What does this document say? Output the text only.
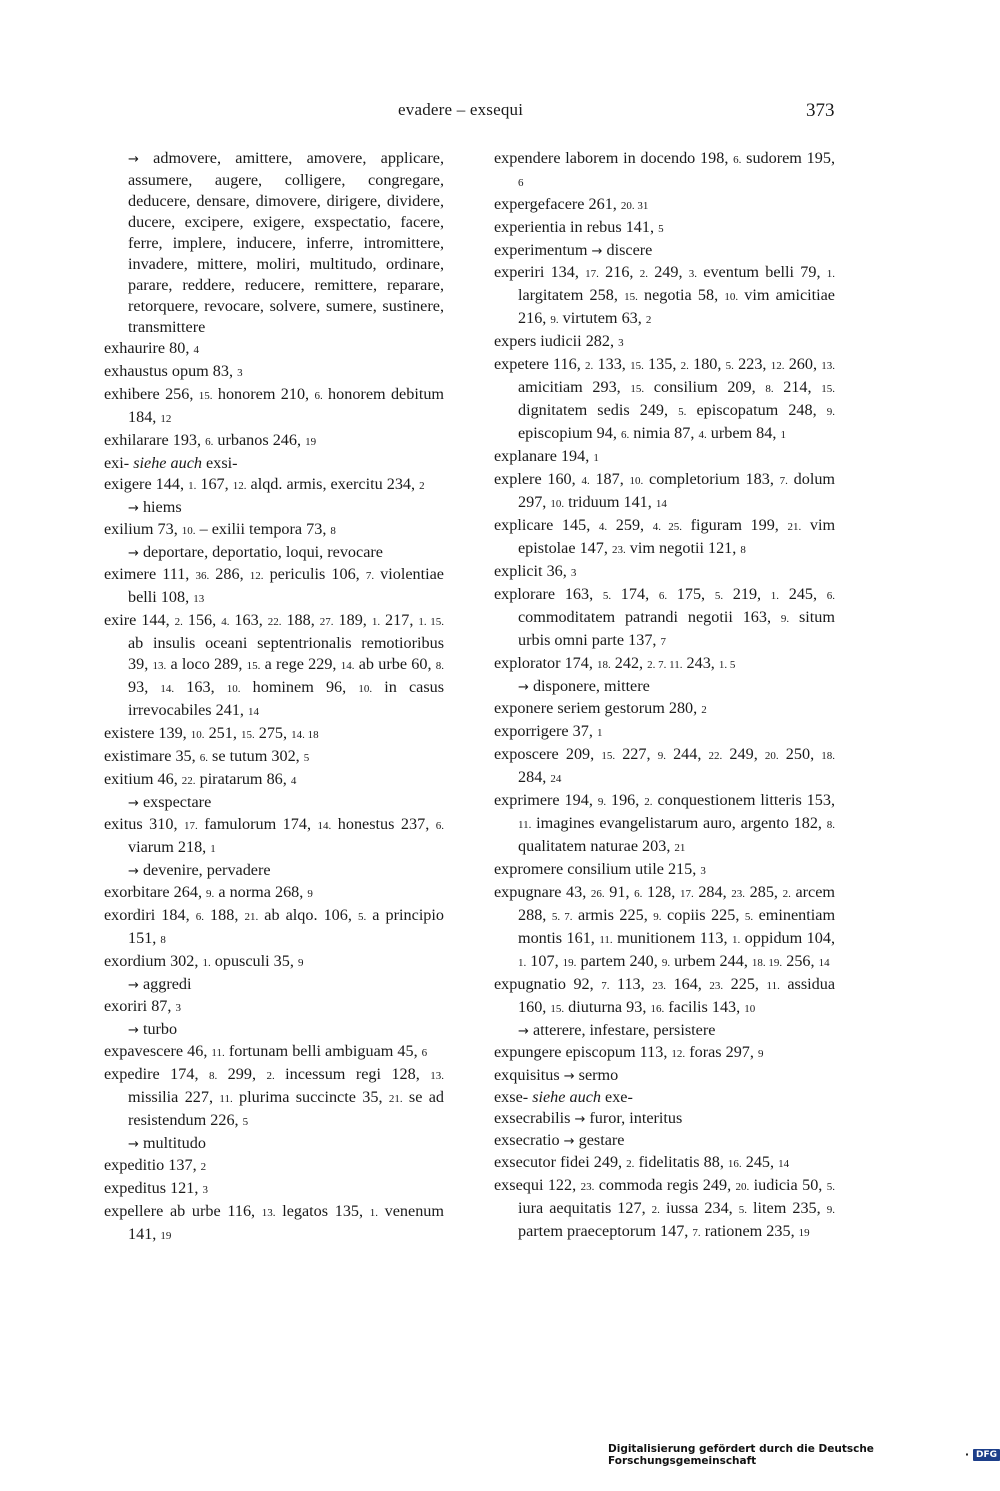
evadere – exsequi	373

→ admovere, amittere, amovere, applicare, assumere, augere, colligere, congregare, deducere, densare, dimovere, dirigere, dividere, ducere, excipere, exigere, exspectatio, facere, ferre, implere, inducere, inferre, intromittere, invadere, mittere, moliri, multitudo, ordinare, parare, reddere, reducere, remittere, reparare, retorquere, revocare, solvere, sumere, sustinere, transmittere

exhaurire 80, 4

exhaustus opum 83, 3

exhibere 256, 15. honorem 210, 6. honorem debitum 184, 12

exhilarare 193, 6. urbanos 246, 19

exi- siehe auch exsi-

exigere 144, 1. 167, 12. alqd. armis, exercitu 234, 2

→ hiems

exilium 73, 10. – exilii tempora 73, 8

→ deportare, deportatio, loqui, revocare

eximere 111, 36. 286, 12. periculis 106, 7. violentiae belli 108, 13

exire 144, 2. 156, 4. 163, 22. 188, 27. 189, 1. 217, 1. 15. ab insulis oceani septentrionalis remotioribus 39, 13. a loco 289, 15. a rege 229, 14. ab urbe 60, 8. 93, 14. 163, 10. hominem 96, 10. in casus irrevocabiles 241, 14

existere 139, 10. 251, 15. 275, 14. 18

existimare 35, 6. se tutum 302, 5

exitium 46, 22. piratarum 86, 4

→ exspectare

exitus 310, 17. famulorum 174, 14. honestus 237, 6. viarum 218, 1

→ devenire, pervadere

exorbitare 264, 9. a norma 268, 9

exordiri 184, 6. 188, 21. ab alqo. 106, 5. a principio 151, 8

exordium 302, 1. opusculi 35, 9

→ aggredi

exoriri 87, 3

→ turbo

expavescere 46, 11. fortunam belli ambiguam 45, 6

expedire 174, 8. 299, 2. incessum regi 128, 13. missilia 227, 11. plurima succincte 35, 21. se ad resistendum 226, 5

→ multitudo

expeditio 137, 2

expeditus 121, 3

expellere ab urbe 116, 13. legatos 135, 1. venenum 141, 19

expendere laborem in docendo 198, 6. sudorem 195, 6

expergefacere 261, 20. 31

experientia in rebus 141, 5

experimentum → discere

experiri 134, 17. 216, 2. 249, 3. eventum belli 79, 1. largitatem 258, 15. negotia 58, 10. vim amicitiae 216, 9. virtutem 63, 2

expers iudicii 282, 3

expetere 116, 2. 133, 15. 135, 2. 180, 5. 223, 12. 260, 13. amicitiam 293, 15. consilium 209, 8. 214, 15. dignitatem sedis 249, 5. episcopatum 248, 9. episcopium 94, 6. nimia 87, 4. urbem 84, 1

explanare 194, 1

explere 160, 4. 187, 10. completorium 183, 7. dolum 297, 10. triduum 141, 14

explicare 145, 4. 259, 4. 25. figuram 199, 21. vim epistolae 147, 23. vim negotii 121, 8

explicit 36, 3

explorare 163, 5. 174, 6. 175, 5. 219, 1. 245, 6. commoditatem patrandi negotii 163, 9. situm urbis omni parte 137, 7

explorator 174, 18. 242, 2. 7. 11. 243, 1. 5

→ disponere, mittere

exponere seriem gestorum 280, 2

exporrigere 37, 1

exposcere 209, 15. 227, 9. 244, 22. 249, 20. 250, 18. 284, 24

exprimere 194, 9. 196, 2. conquestionem litteris 153, 11. imagines evangelistarum auro, argento 182, 8. qualitatem naturae 203, 21

expromere consilium utile 215, 3

expugnare 43, 26. 91, 6. 128, 17. 284, 23. 285, 2. arcem 288, 5. 7. armis 225, 9. copiis 225, 5. eminentiam montis 161, 11. munitionem 113, 1. oppidum 104, 1. 107, 19. partem 240, 9. urbem 244, 18. 19. 256, 14

expugnatio 92, 7. 113, 23. 164, 23. 225, 11. assidua 160, 15. diuturna 93, 16. facilis 143, 10

→ atterere, infestare, persistere

expungere episcopum 113, 12. foras 297, 9

exquisitus → sermo

exse- siehe auch exe-

exsecrabilis → furor, interitus

exsecratio → gestare

exsecutor fidei 249, 2. fidelitatis 88, 16. 245, 14

exsequi 122, 23. commoda regis 249, 20. iudicia 50, 5. iura aequitatis 127, 2. iussa 234, 5. litem 235, 9. partem praeceptorum 147, 7. rationem 235, 19

Digitalisierung gefördert durch die Deutsche Forschungsgemeinschaft	· DFG
